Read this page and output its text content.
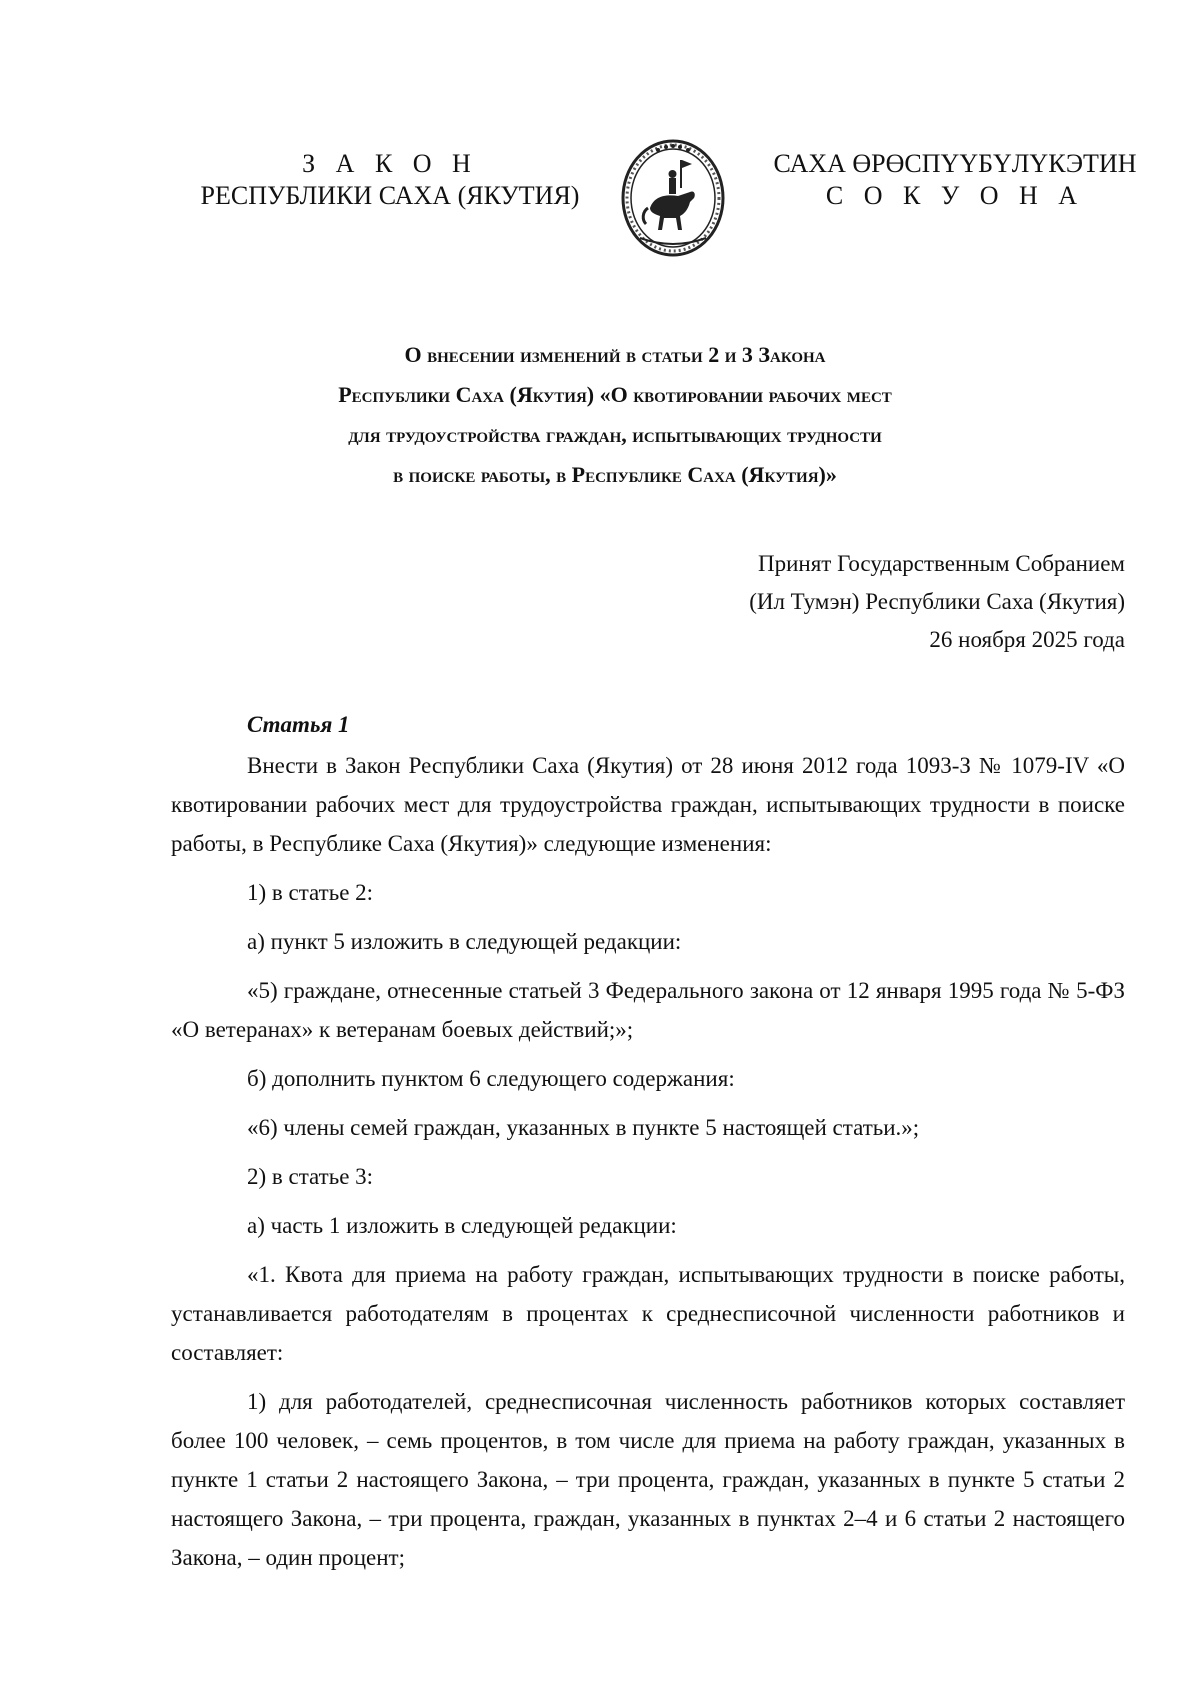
З А К О Н
РЕСПУБЛИКИ САХА (ЯКУТИЯ)
САХА ӨРӨСПҮҮБҮЛҮКЭТИН
С О К У О Н А
О внесении изменений в статьи 2 и 3 Закона
Республики Саха (Якутия) «О квотировании рабочих мест
для трудоустройства граждан, испытывающих трудности
в поиске работы, в Республике Саха (Якутия)»
Принят Государственным Собранием
(Ил Тумэн) Республики Саха (Якутия)
26 ноября 2025 года

Статья 1

Внести в Закон Республики Саха (Якутия) от 28 июня 2012 года 1093-З № 1079-IV «О квотировании рабочих мест для трудоустройства граждан, испытывающих трудности в поиске работы, в Республике Саха (Якутия)» следующие изменения:

1) в статье 2:

а) пункт 5 изложить в следующей редакции:

«5) граждане, отнесенные статьей 3 Федерального закона от 12 января 1995 года № 5-ФЗ «О ветеранах» к ветеранам боевых действий;»;

б) дополнить пунктом 6 следующего содержания:

«6) члены семей граждан, указанных в пункте 5 настоящей статьи.»;

2) в статье 3:

а) часть 1 изложить в следующей редакции:

«1. Квота для приема на работу граждан, испытывающих трудности в поиске работы, устанавливается работодателям в процентах к среднесписочной численности работников и составляет:

1) для работодателей, среднесписочная численность работников которых составляет более 100 человек, – семь процентов, в том числе для приема на работу граждан, указанных в пункте 1 статьи 2 настоящего Закона, – три процента, граждан, указанных в пункте 5 статьи 2 настоящего Закона, – три процента, граждан, указанных в пунктах 2–4 и 6 статьи 2 настоящего Закона, – один процент;
